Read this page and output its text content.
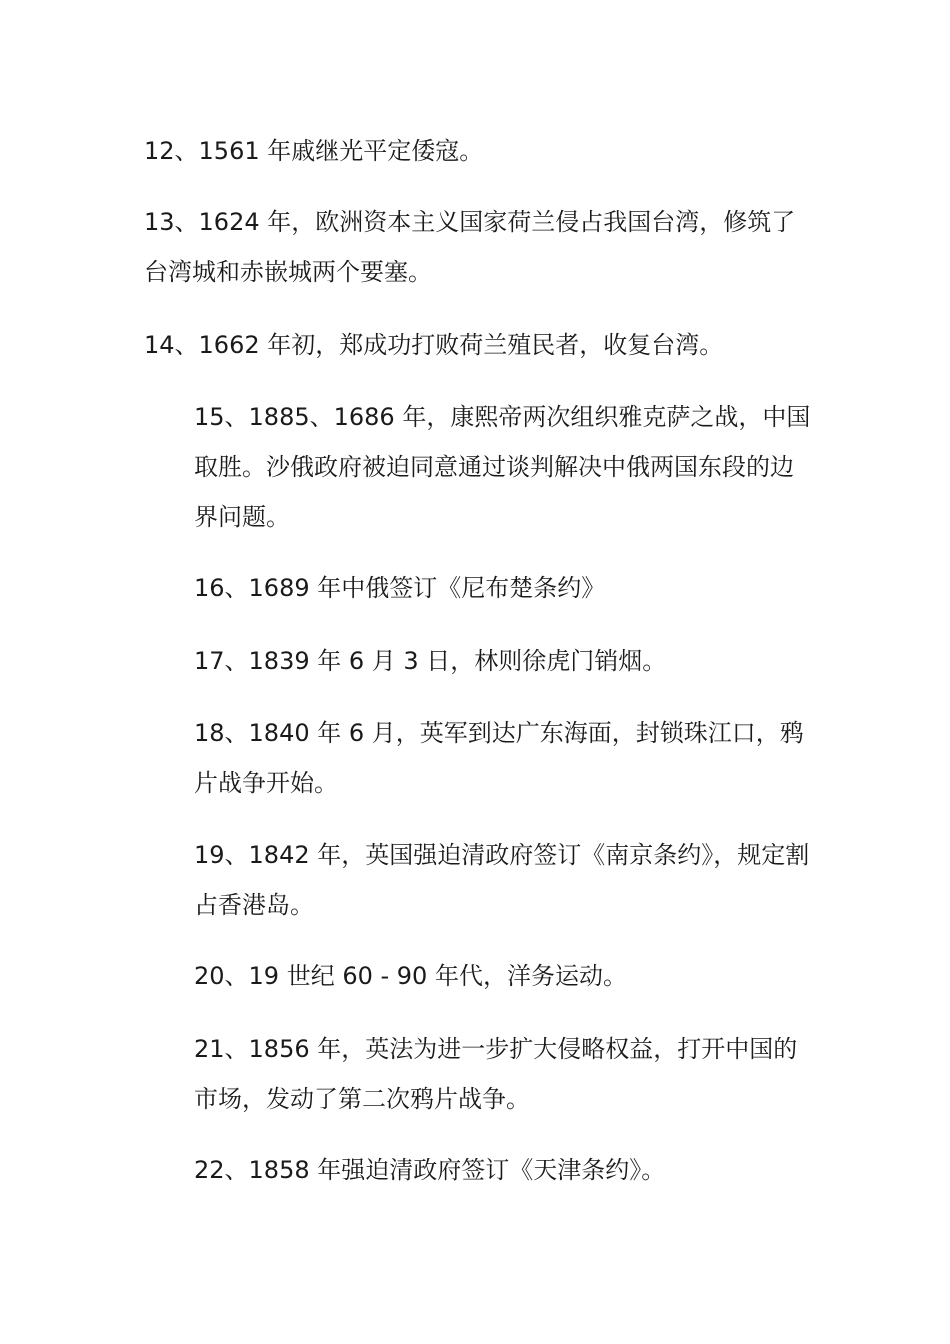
12、1561 年戚继光平定倭寇。

13、1624 年，欧洲资本主义国家荷兰侵占我国台湾，修筑了台湾城和赤嵌城两个要塞。

14、1662 年初，郑成功打败荷兰殖民者，收复台湾。

15、1885、1686 年，康熙帝两次组织雅克萨之战，中国取胜。沙俄政府被迫同意通过谈判解决中俄两国东段的边界问题。

16、1689 年中俄签订《尼布楚条约》

17、1839 年 6 月 3 日，林则徐虎门销烟。

18、1840 年 6 月，英军到达广东海面，封锁珠江口，鸦片战争开始。

19、1842 年，英国强迫清政府签订《南京条约》，规定割占香港岛。

20、19 世纪 60 - 90 年代，洋务运动。

21、1856 年，英法为进一步扩大侵略权益，打开中国的市场，发动了第二次鸦片战争。

22、1858 年强迫清政府签订《天津条约》。
